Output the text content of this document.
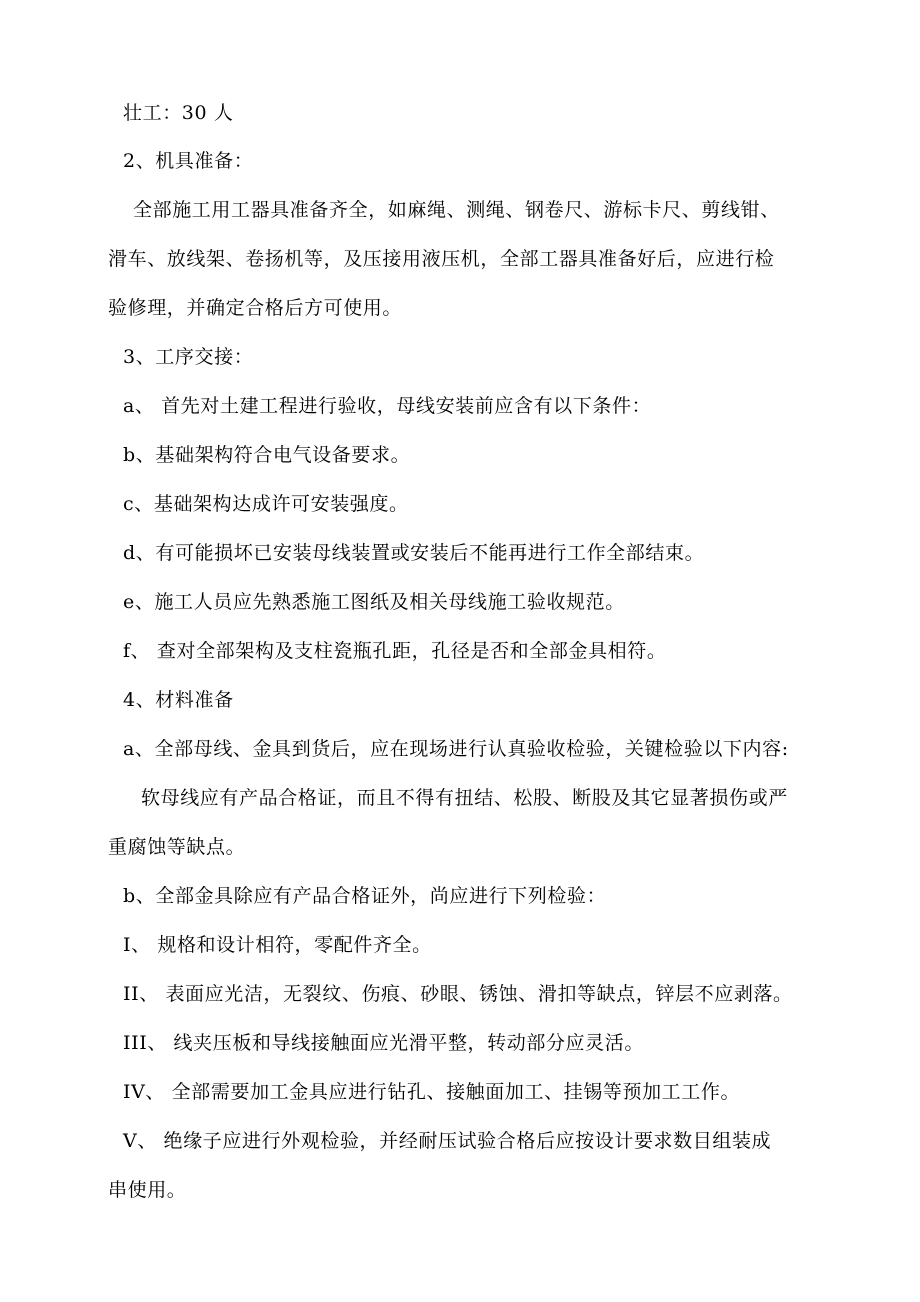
zixin.com.cn
壮工：30 人
2、机具准备：
全部施工用工器具准备齐全，如麻绳、测绳、钢卷尺、游标卡尺、剪线钳、
滑车、放线架、卷扬机等，及压接用液压机，全部工器具准备好后，应进行检
验修理，并确定合格后方可使用。
3、工序交接：
a、 首先对土建工程进行验收，母线安装前应含有以下条件：
b、基础架构符合电气设备要求。
c、基础架构达成许可安装强度。
d、有可能损坏已安装母线装置或安装后不能再进行工作全部结束。
e、施工人员应先熟悉施工图纸及相关母线施工验收规范。
f、 查对全部架构及支柱瓷瓶孔距，孔径是否和全部金具相符。
4、材料准备
a、全部母线、金具到货后，应在现场进行认真验收检验，关键检验以下内容:
软母线应有产品合格证，而且不得有扭结、松股、断股及其它显著损伤或严
重腐蚀等缺点。
b、全部金具除应有产品合格证外，尚应进行下列检验：
I、 规格和设计相符，零配件齐全。
II、 表面应光洁，无裂纹、伤痕、砂眼、锈蚀、滑扣等缺点，锌层不应剥落。
III、 线夹压板和导线接触面应光滑平整，转动部分应灵活。
IV、 全部需要加工金具应进行钻孔、接触面加工、挂锡等预加工工作。
V、 绝缘子应进行外观检验，并经耐压试验合格后应按设计要求数目组装成
串使用。
